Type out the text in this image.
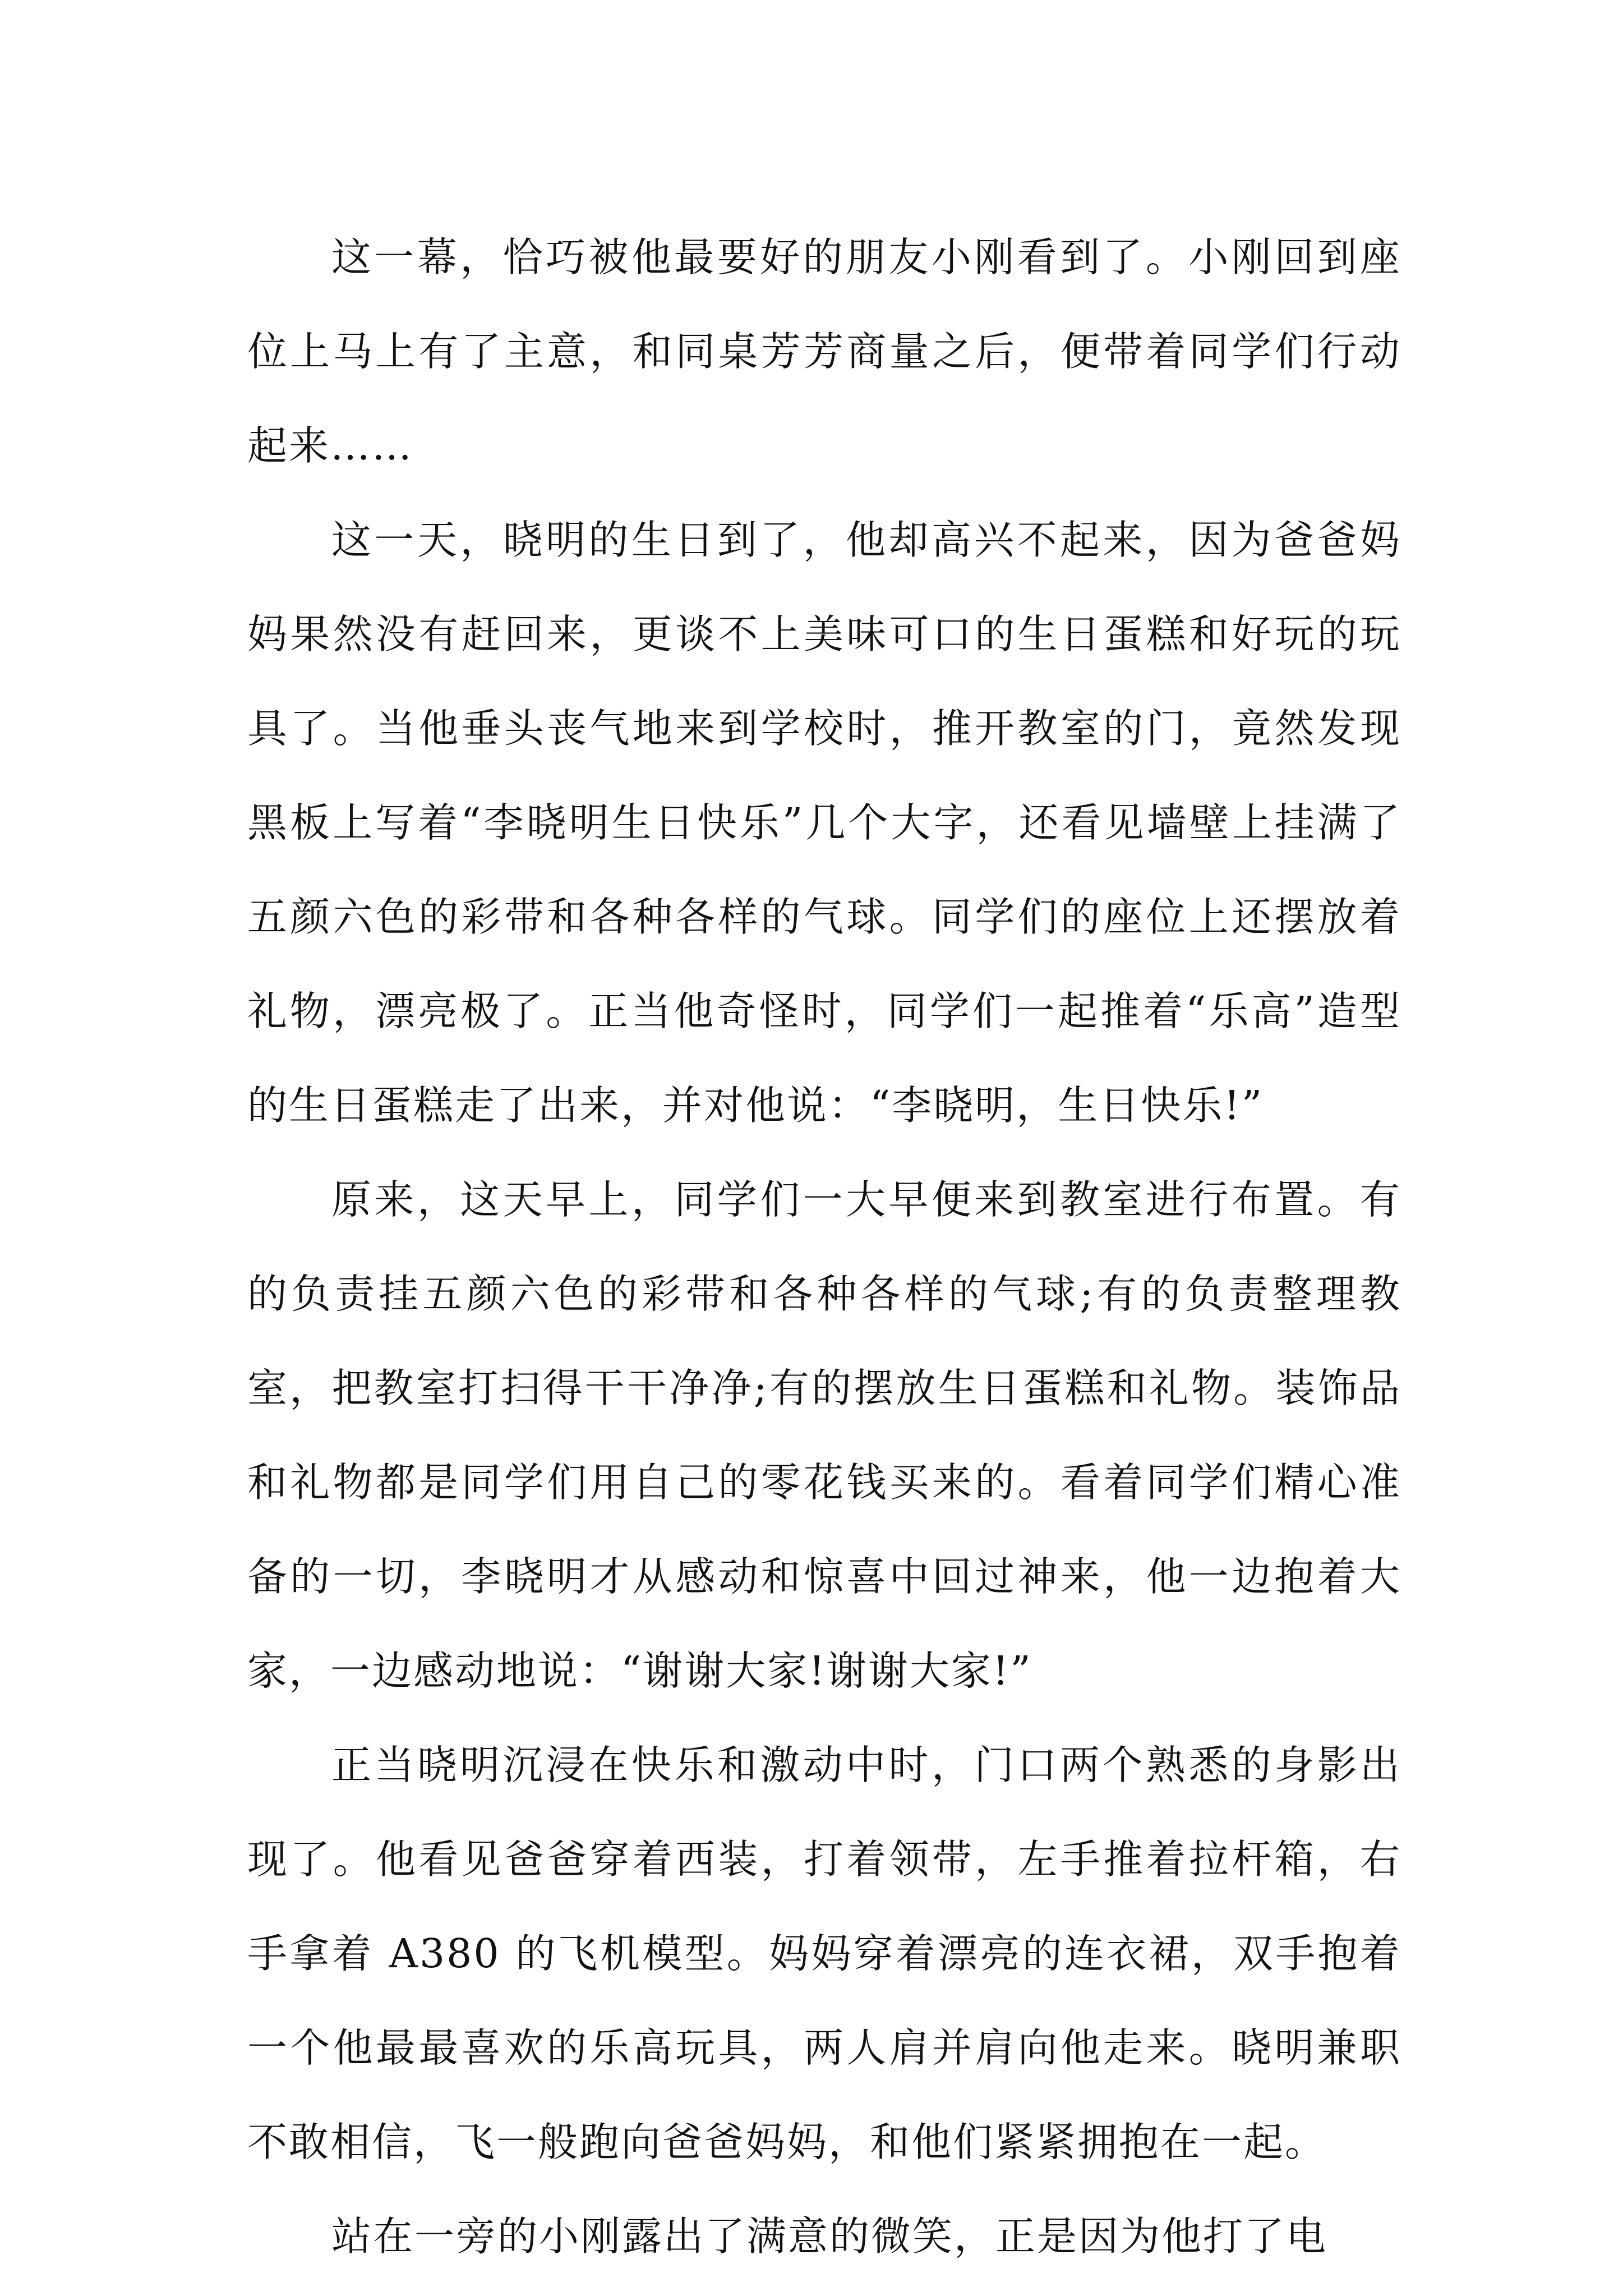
这一幕，恰巧被他最要好的朋友小刚看到了。小刚回到座位上马上有了主意，和同桌芳芳商量之后，便带着同学们行动起来……

这一天，晓明的生日到了，他却高兴不起来，因为爸爸妈妈果然没有赶回来，更谈不上美味可口的生日蛋糕和好玩的玩具了。当他垂头丧气地来到学校时，推开教室的门，竟然发现黑板上写着“李晓明生日快乐”几个大字，还看见墙壁上挂满了五颜六色的彩带和各种各样的气球。同学们的座位上还摆放着礼物，漂亮极了。正当他奇怪时，同学们一起推着“乐高”造型的生日蛋糕走了出来，并对他说：“李晓明，生日快乐!”

原来，这天早上，同学们一大早便来到教室进行布置。有的负责挂五颜六色的彩带和各种各样的气球;有的负责整理教室，把教室打扫得干干净净;有的摆放生日蛋糕和礼物。装饰品和礼物都是同学们用自己的零花钱买来的。看着同学们精心准备的一切，李晓明才从感动和惊喜中回过神来，他一边抱着大家，一边感动地说：“谢谢大家!谢谢大家!”

正当晓明沉浸在快乐和激动中时，门口两个熟悉的身影出现了。他看见爸爸穿着西装，打着领带，左手推着拉杆箱，右手拿着 A380 的飞机模型。妈妈穿着漂亮的连衣裙，双手抱着一个他最最喜欢的乐高玩具，两人肩并肩向他走来。晓明兼职不敢相信，飞一般跑向爸爸妈妈，和他们紧紧拥抱在一起。

站在一旁的小刚露出了满意的微笑，正是因为他打了电
